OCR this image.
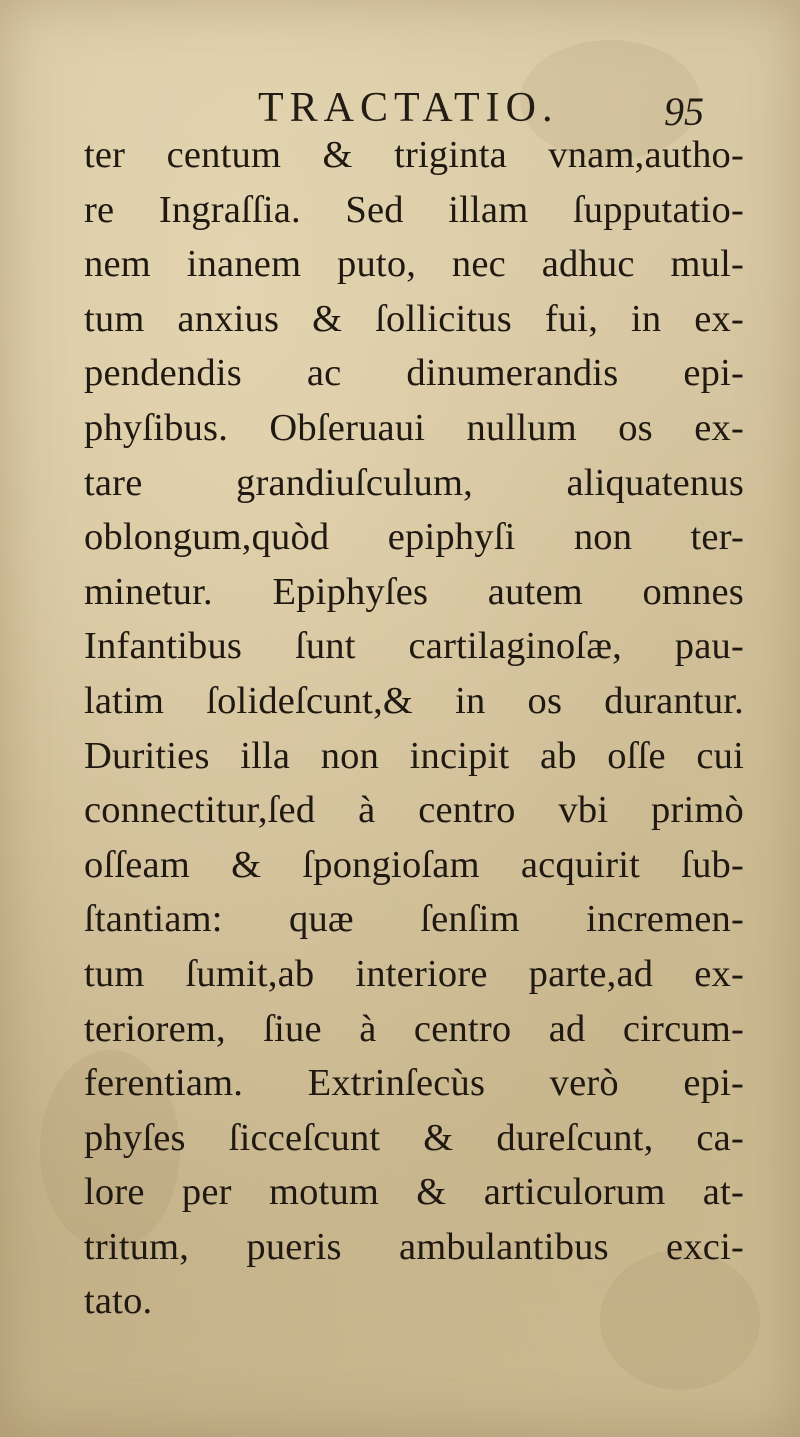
TRACTATIO.	95
ter centum & triginta vnam,autho-
re Ingraſſia. Sed illam ſupputatio-
nem inanem puto, nec adhuc mul-
tum anxius & ſollicitus fui, in ex-
pendendis ac dinumerandis epi-
phyſibus. Obſeruaui nullum os ex-
tare grandiuſculum, aliquatenus
oblongum,quòd epiphyſi non ter-
minetur. Epiphyſes autem omnes
Infantibus ſunt cartilaginoſæ, pau-
latim ſolideſcunt,& in os durantur.
Durities illa non incipit ab oſſe cui
connectitur,ſed à centro vbi primò
oſſeam & ſpongioſam acquirit ſub-
ſtantiam: quæ ſenſim incremen-
tum ſumit,ab interiore parte,ad ex-
teriorem, ſiue à centro ad circum-
ferentiam. Extrinſecùs verò epi-
phyſes ſicceſcunt & dureſcunt, ca-
lore per motum & articulorum at-
tritum, pueris ambulantibus exci-
tato.
